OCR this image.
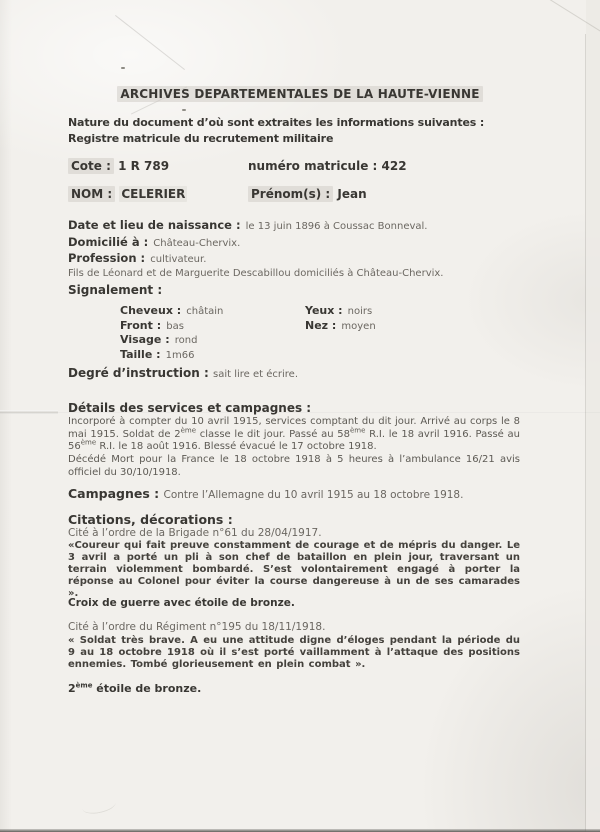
ARCHIVES DEPARTEMENTALES DE LA HAUTE-VIENNE
Nature du document d’où sont extraites les informations suivantes :
Registre matricule du recrutement militaire
Cote : 1 R 789	numéro matricule : 422
NOM : CELERIER	Prénom(s) : Jean
Date et lieu de naissance : le 13 juin 1896 à Coussac Bonneval.
Domicilié à : Château-Chervix.
Profession : cultivateur.
Fils de Léonard et de Marguerite Descabillou domiciliés à Château-Chervix.
Signalement :
Cheveux : châtain	Yeux : noirs
Front : bas	Nez : moyen
Visage : rond
Taille : 1m66
Degré d’instruction : sait lire et écrire.
Détails des services et campagnes :
Incorporé à compter du 10 avril 1915, services comptant du dit jour. Arrivé au corps le 8 mai 1915. Soldat de 2ème classe le dit jour. Passé au 58ème R.I. le 18 avril 1916. Passé au 56ème R.I. le 18 août 1916. Blessé évacué le 17 octobre 1918.
Décédé Mort pour la France le 18 octobre 1918 à 5 heures à l’ambulance 16/21 avis officiel du 30/10/1918.
Campagnes : Contre l’Allemagne du 10 avril 1915 au 18 octobre 1918.
Citations, décorations :
Cité à l’ordre de la Brigade n°61 du 28/04/1917.
«Coureur qui fait preuve constamment de courage et de mépris du danger. Le 3 avril a porté un pli à son chef de bataillon en plein jour, traversant un terrain violemment bombardé. S’est volontairement engagé à porter la réponse au Colonel pour éviter la course dangereuse à un de ses camarades ».
Croix de guerre avec étoile de bronze.
Cité à l’ordre du Régiment n°195 du 18/11/1918.
« Soldat très brave. A eu une attitude digne d’éloges pendant la période du 9 au 18 octobre 1918 où il s’est porté vaillamment à l’attaque des positions ennemies. Tombé glorieusement en plein combat ».
2ème étoile de bronze.
